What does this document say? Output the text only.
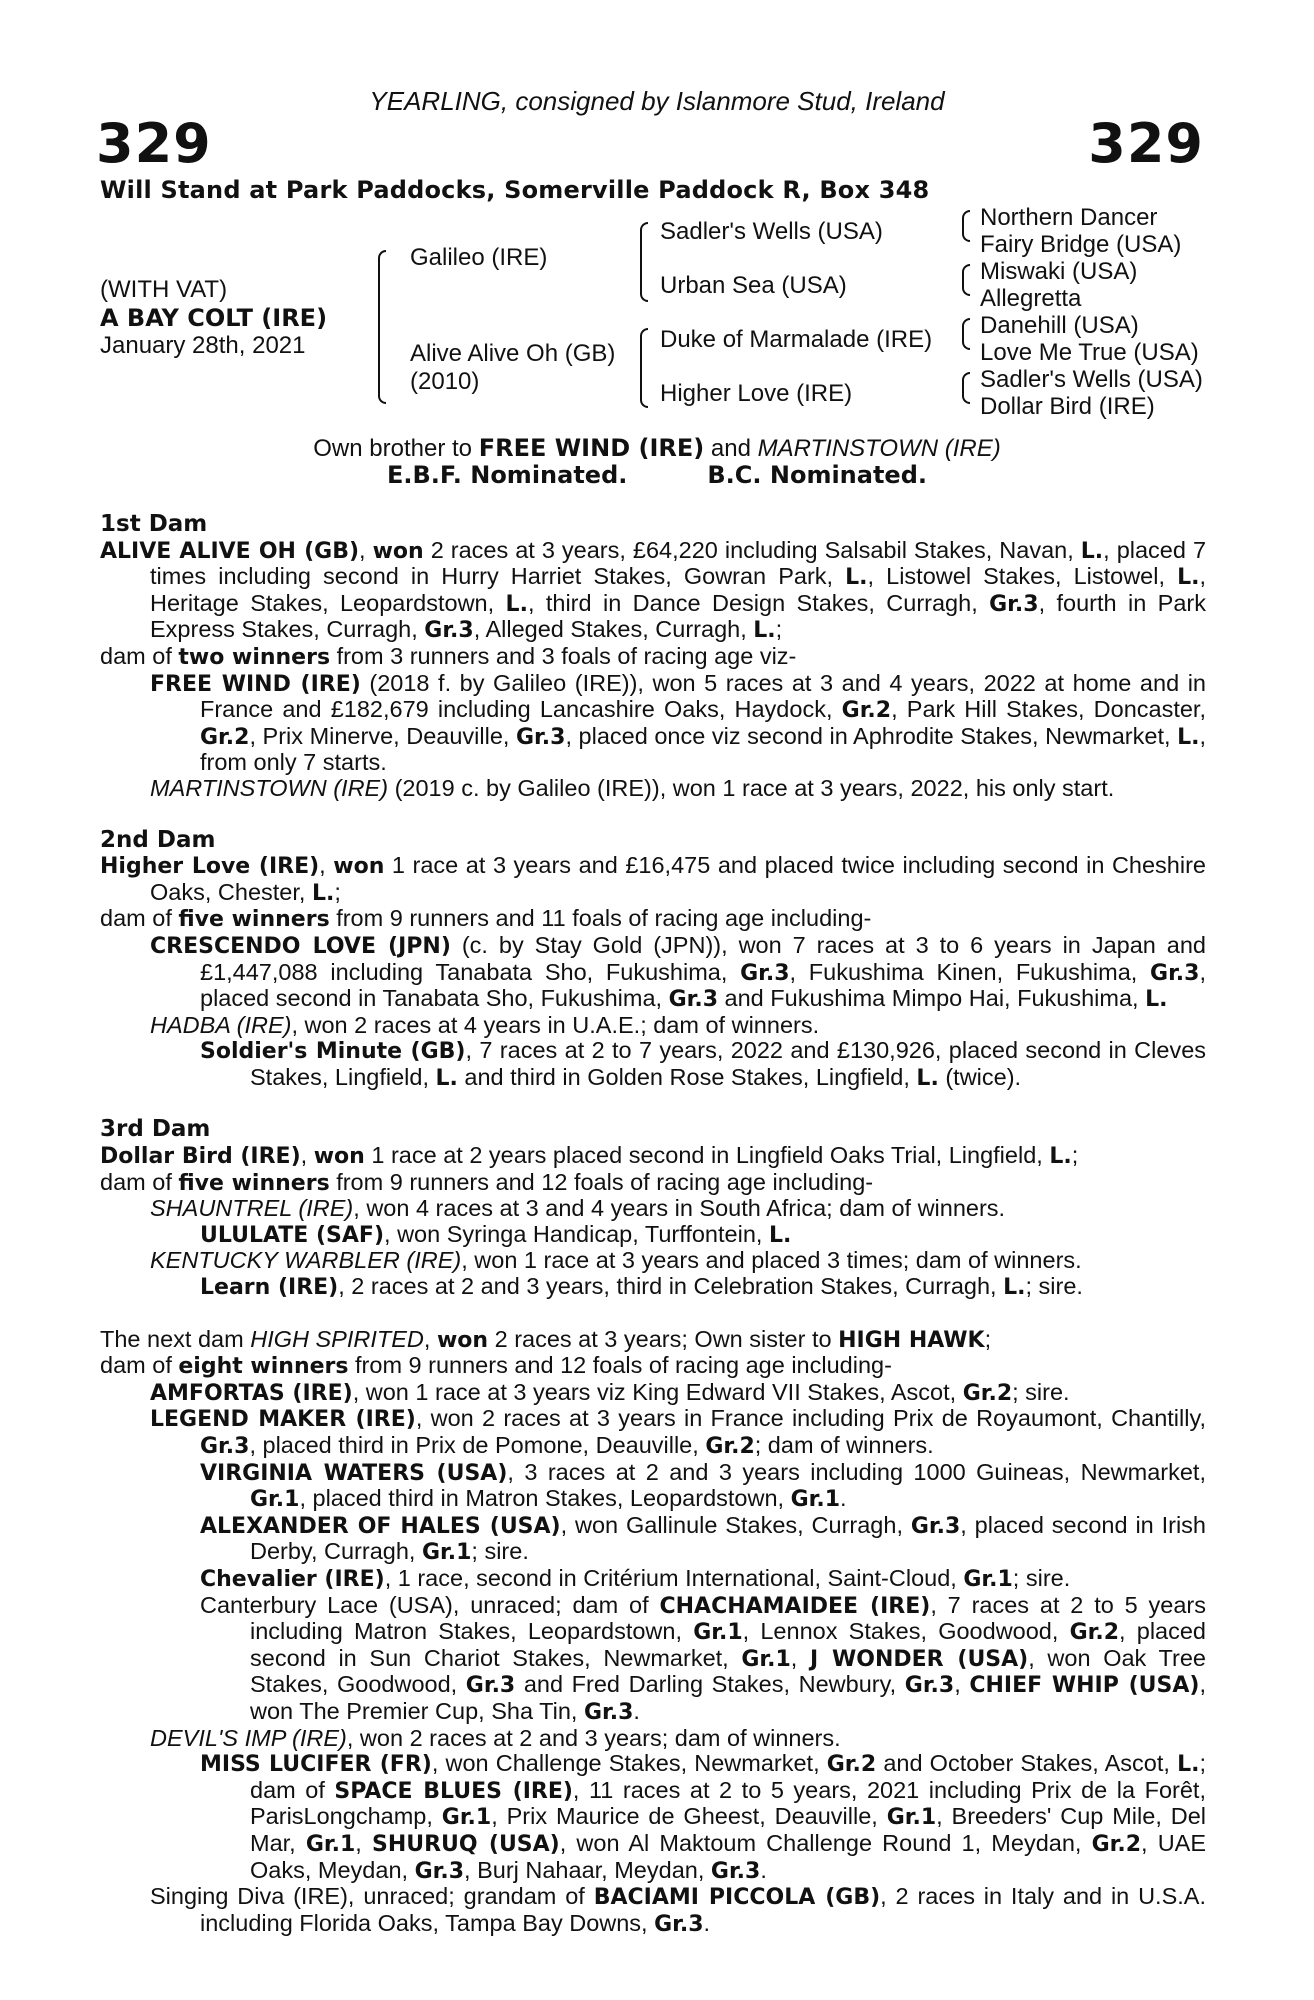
YEARLING, consigned by Islanmore Stud, Ireland
329	329
Will Stand at Park Paddocks, Somerville Paddock R, Box 348
(WITH VAT)
A BAY COLT (IRE)
January 28th, 2021
Galileo (IRE)
Alive Alive Oh (GB)
(2010)
Sadler's Wells (USA)
Urban Sea (USA)
Duke of Marmalade (IRE)
Higher Love (IRE)
Northern Dancer
Fairy Bridge (USA)
Miswaki (USA)
Allegretta
Danehill (USA)
Love Me True (USA)
Sadler's Wells (USA)
Dollar Bird (IRE)
Own brother to FREE WIND (IRE) and MARTINSTOWN (IRE)
E.B.F. Nominated.	B.C. Nominated.
1st Dam

ALIVE ALIVE OH (GB), won 2 races at 3 years, £64,220 including Salsabil Stakes, Navan, L., placed 7 times including second in Hurry Harriet Stakes, Gowran Park, L., Listowel Stakes, Listowel, L., Heritage Stakes, Leopardstown, L., third in Dance Design Stakes, Curragh, Gr.3, fourth in Park Express Stakes, Curragh, Gr.3, Alleged Stakes, Curragh, L.;

dam of two winners from 3 runners and 3 foals of racing age viz-

FREE WIND (IRE) (2018 f. by Galileo (IRE)), won 5 races at 3 and 4 years, 2022 at home and in France and £182,679 including Lancashire Oaks, Haydock, Gr.2, Park Hill Stakes, Doncaster, Gr.2, Prix Minerve, Deauville, Gr.3, placed once viz second in Aphrodite Stakes, Newmarket, L., from only 7 starts.

MARTINSTOWN (IRE) (2019 c. by Galileo (IRE)), won 1 race at 3 years, 2022, his only start.

2nd Dam

Higher Love (IRE), won 1 race at 3 years and £16,475 and placed twice including second in Cheshire Oaks, Chester, L.;

dam of five winners from 9 runners and 11 foals of racing age including-

CRESCENDO LOVE (JPN) (c. by Stay Gold (JPN)), won 7 races at 3 to 6 years in Japan and £1,447,088 including Tanabata Sho, Fukushima, Gr.3, Fukushima Kinen, Fukushima, Gr.3, placed second in Tanabata Sho, Fukushima, Gr.3 and Fukushima Mimpo Hai, Fukushima, L.

HADBA (IRE), won 2 races at 4 years in U.A.E.; dam of winners.

Soldier's Minute (GB), 7 races at 2 to 7 years, 2022 and £130,926, placed second in Cleves Stakes, Lingfield, L. and third in Golden Rose Stakes, Lingfield, L. (twice).

3rd Dam

Dollar Bird (IRE), won 1 race at 2 years placed second in Lingfield Oaks Trial, Lingfield, L.;

dam of five winners from 9 runners and 12 foals of racing age including-

SHAUNTREL (IRE), won 4 races at 3 and 4 years in South Africa; dam of winners.

ULULATE (SAF), won Syringa Handicap, Turffontein, L.

KENTUCKY WARBLER (IRE), won 1 race at 3 years and placed 3 times; dam of winners.

Learn (IRE), 2 races at 2 and 3 years, third in Celebration Stakes, Curragh, L.; sire.

The next dam HIGH SPIRITED, won 2 races at 3 years; Own sister to HIGH HAWK;

dam of eight winners from 9 runners and 12 foals of racing age including-

AMFORTAS (IRE), won 1 race at 3 years viz King Edward VII Stakes, Ascot, Gr.2; sire.

LEGEND MAKER (IRE), won 2 races at 3 years in France including Prix de Royaumont, Chantilly, Gr.3, placed third in Prix de Pomone, Deauville, Gr.2; dam of winners.

VIRGINIA WATERS (USA), 3 races at 2 and 3 years including 1000 Guineas, Newmarket, Gr.1, placed third in Matron Stakes, Leopardstown, Gr.1.

ALEXANDER OF HALES (USA), won Gallinule Stakes, Curragh, Gr.3, placed second in Irish Derby, Curragh, Gr.1; sire.

Chevalier (IRE), 1 race, second in Critérium International, Saint-Cloud, Gr.1; sire.

Canterbury Lace (USA), unraced; dam of CHACHAMAIDEE (IRE), 7 races at 2 to 5 years including Matron Stakes, Leopardstown, Gr.1, Lennox Stakes, Goodwood, Gr.2, placed second in Sun Chariot Stakes, Newmarket, Gr.1, J WONDER (USA), won Oak Tree Stakes, Goodwood, Gr.3 and Fred Darling Stakes, Newbury, Gr.3, CHIEF WHIP (USA), won The Premier Cup, Sha Tin, Gr.3.

DEVIL'S IMP (IRE), won 2 races at 2 and 3 years; dam of winners.

MISS LUCIFER (FR), won Challenge Stakes, Newmarket, Gr.2 and October Stakes, Ascot, L.; dam of SPACE BLUES (IRE), 11 races at 2 to 5 years, 2021 including Prix de la Forêt, ParisLongchamp, Gr.1, Prix Maurice de Gheest, Deauville, Gr.1, Breeders' Cup Mile, Del Mar, Gr.1, SHURUQ (USA), won Al Maktoum Challenge Round 1, Meydan, Gr.2, UAE Oaks, Meydan, Gr.3, Burj Nahaar, Meydan, Gr.3.

Singing Diva (IRE), unraced; grandam of BACIAMI PICCOLA (GB), 2 races in Italy and in U.S.A. including Florida Oaks, Tampa Bay Downs, Gr.3.
